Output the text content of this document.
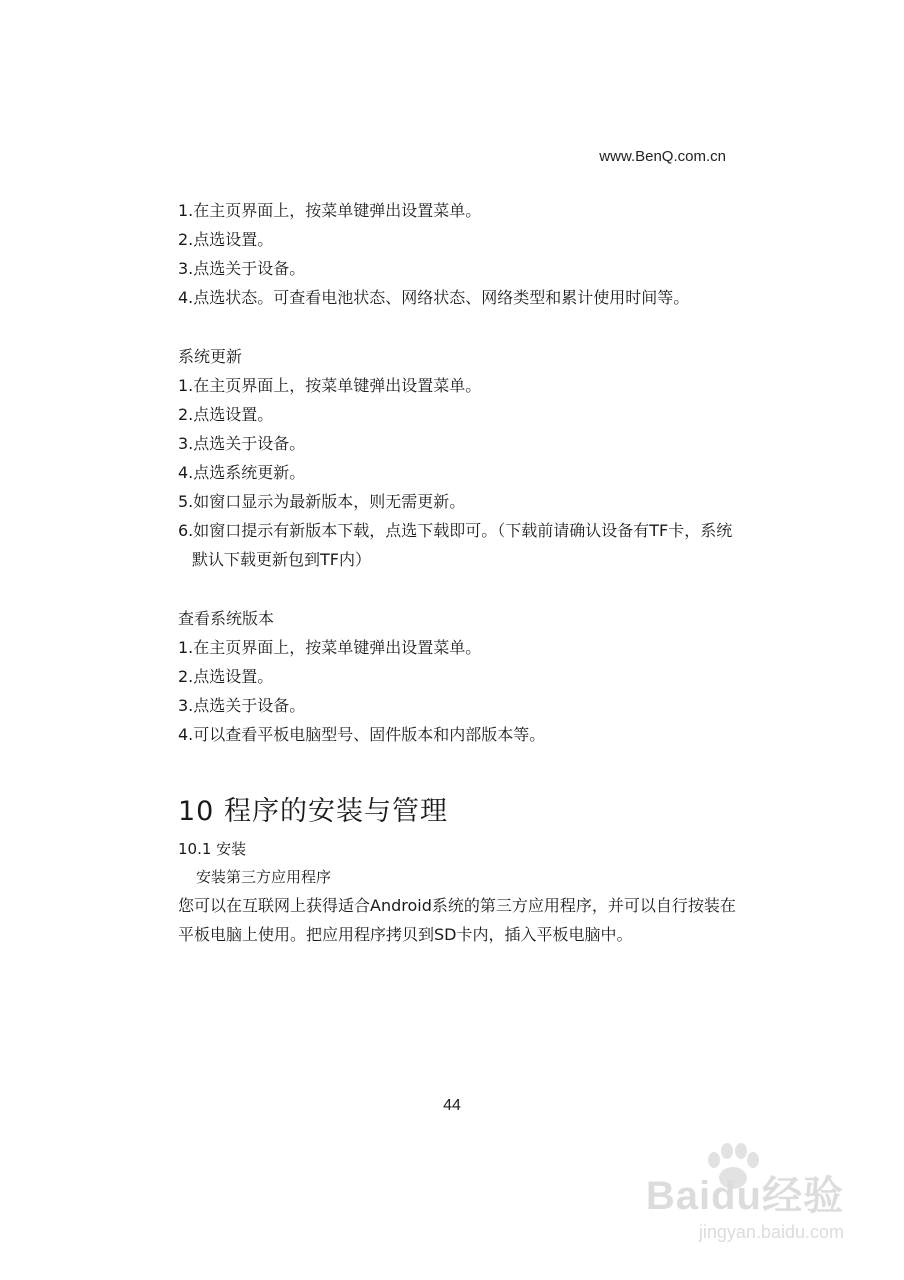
www.BenQ.com.cn
1.在主页界面上，按菜单键弹出设置菜单。
2.点选设置。
3.点选关于设备。
4.点选状态。可查看电池状态、网络状态、网络类型和累计使用时间等。
系统更新
1.在主页界面上，按菜单键弹出设置菜单。
2.点选设置。
3.点选关于设备。
4.点选系统更新。
5.如窗口显示为最新版本，则无需更新。
6.如窗口提示有新版本下载，点选下载即可。（下载前请确认设备有TF卡，系统
默认下载更新包到TF内）
查看系统版本
1.在主页界面上，按菜单键弹出设置菜单。
2.点选设置。
3.点选关于设备。
4.可以查看平板电脑型号、固件版本和内部版本等。
10 程序的安装与管理
10.1 安装
安装第三方应用程序
您可以在互联网上获得适合Android系统的第三方应用程序，并可以自行按装在
平板电脑上使用。把应用程序拷贝到SD卡内，插入平板电脑中。
44
Baidu经验
jingyan.baidu.com
